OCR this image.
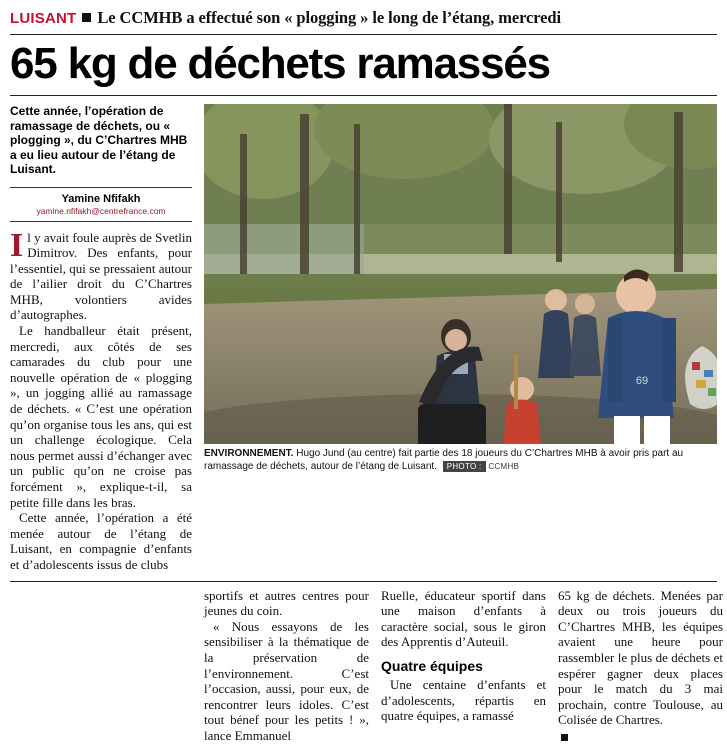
LUISANT Le CCMHB a effectué son « plogging » le long de l’étang, mercredi
65 kg de déchets ramassés
Cette année, l’opération de ramassage de déchets, ou « plogging », du C’Chartres MHB a eu lieu autour de l’étang de Luisant.
Yamine Nfifakh
yamine.nfifakh@centrefrance.com

Il y avait foule auprès de Svetlin Dimitrov. Des enfants, pour l’essentiel, qui se pressaient autour de l’ailier droit du C’Chartres MHB, volontiers avides d’autographes.

Le handballeur était présent, mercredi, aux côtés de ses camarades du club pour une nouvelle opération de « plogging », un jogging allié au ramassage de déchets. « C’est une opération qu’on organise tous les ans, qui est un challenge écologique. Cela nous permet aussi d’échanger avec un public qu’on ne croise pas forcément », explique-t-il, sa petite fille dans les bras.

Cette année, l’opération a été menée autour de l’étang de Luisant, en compagnie d’enfants et d’adolescents issus de clubs

69
ENVIRONNEMENT. Hugo Jund (au centre) fait partie des 18 joueurs du C’Chartres MHB à avoir pris part au ramassage de déchets, autour de l’étang de Luisant. PHOTO : CCMHB

sportifs et autres centres pour jeunes du coin.

« Nous essayons de les sensibiliser à la thématique de la préservation de l’environnement. C’est l’occasion, aussi, pour eux, de rencontrer leurs idoles. C’est tout bénef pour les petits ! », lance Emmanuel

Ruelle, éducateur sportif dans une maison d’enfants à caractère social, sous le giron des Apprentis d’Auteuil.

Quatre équipes

Une centaine d’enfants et d’adolescents, répartis en quatre équipes, a ramassé

65 kg de déchets. Menées par deux ou trois joueurs du C’Chartres MHB, les équipes avaient une heure pour rassembler le plus de déchets et espérer gagner deux places pour le match du 3 mai prochain, contre Toulouse, au Colisée de Chartres.
